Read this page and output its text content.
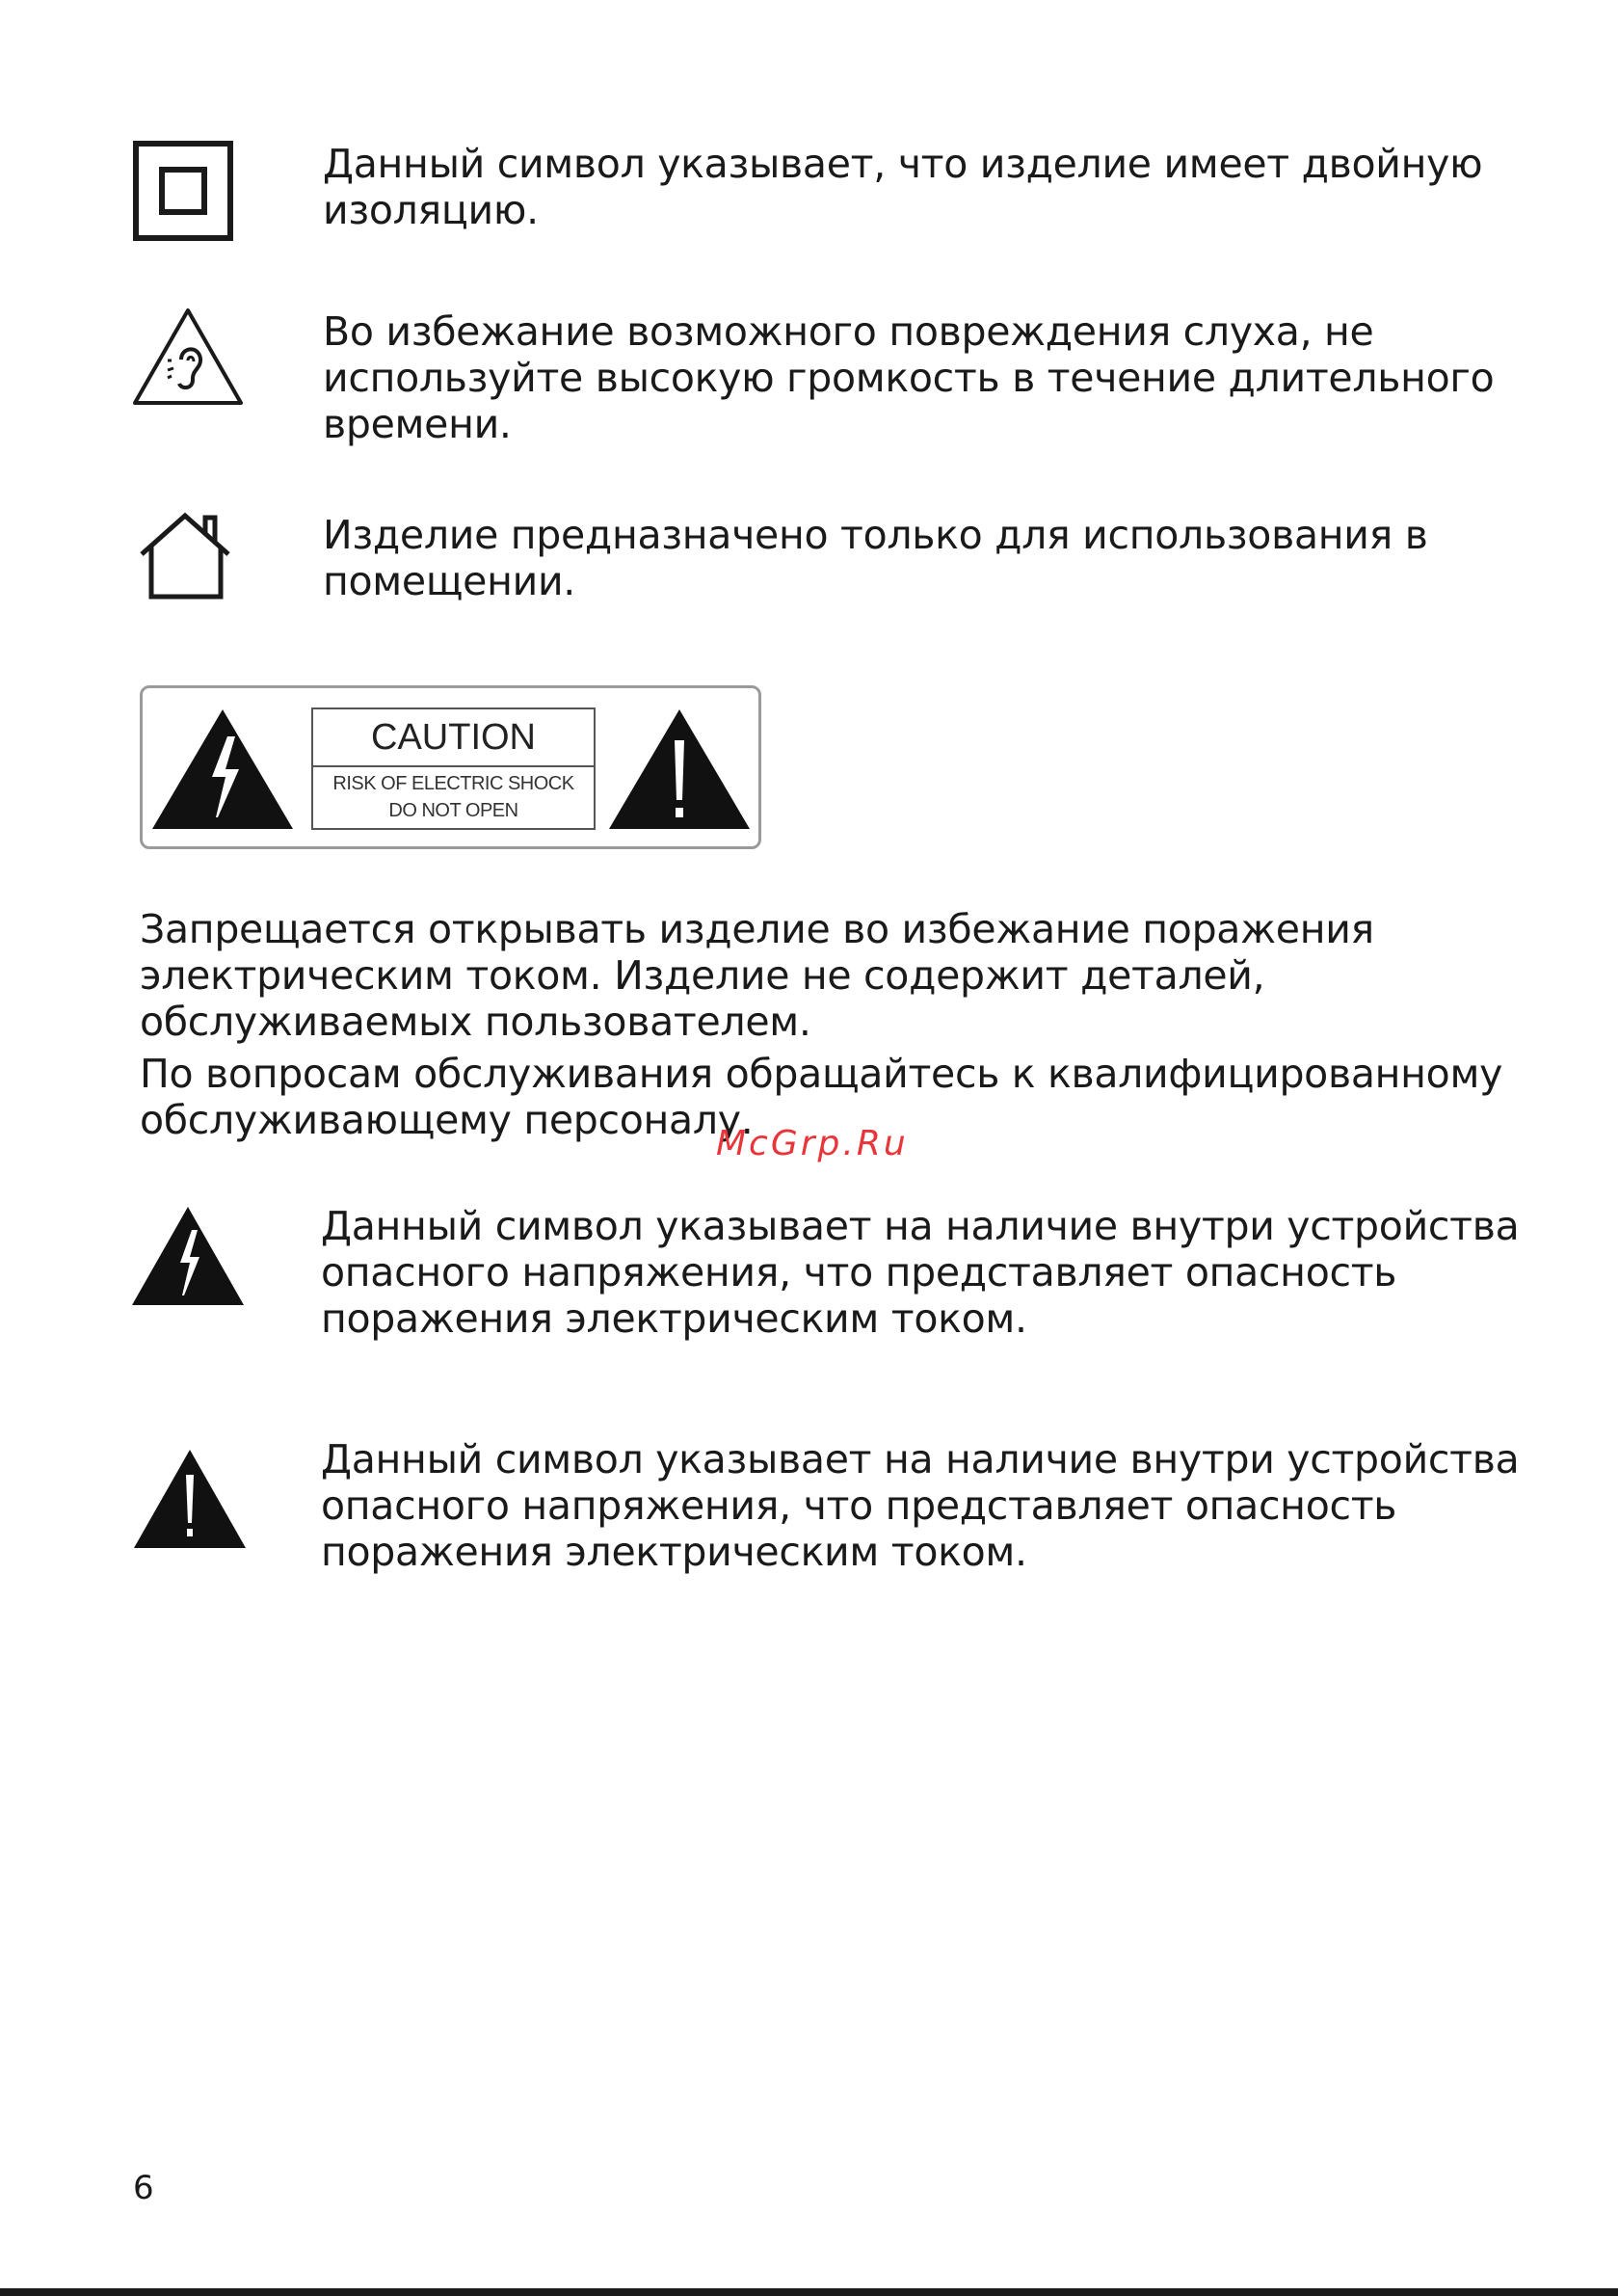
Данный символ указывает, что изделие имеет двойную
изоляцию.
Во избежание возможного повреждения слуха, не
используйте высокую громкость в течение длительного
времени.
Изделие предназначено только для использования в
помещении.
CAUTION
RISK OF ELECTRIC SHOCK
DO NOT OPEN
Запрещается открывать изделие во избежание поражения
электрическим током. Изделие не содержит деталей,
обслуживаемых пользователем.
По вопросам обслуживания обращайтесь к квалифицированному
обслуживающему персоналу.
McGrp.Ru
Данный символ указывает на наличие внутри устройства
опасного напряжения, что представляет опасность
поражения электрическим током.
Данный символ указывает на наличие внутри устройства
опасного напряжения, что представляет опасность
поражения электрическим током.
6
